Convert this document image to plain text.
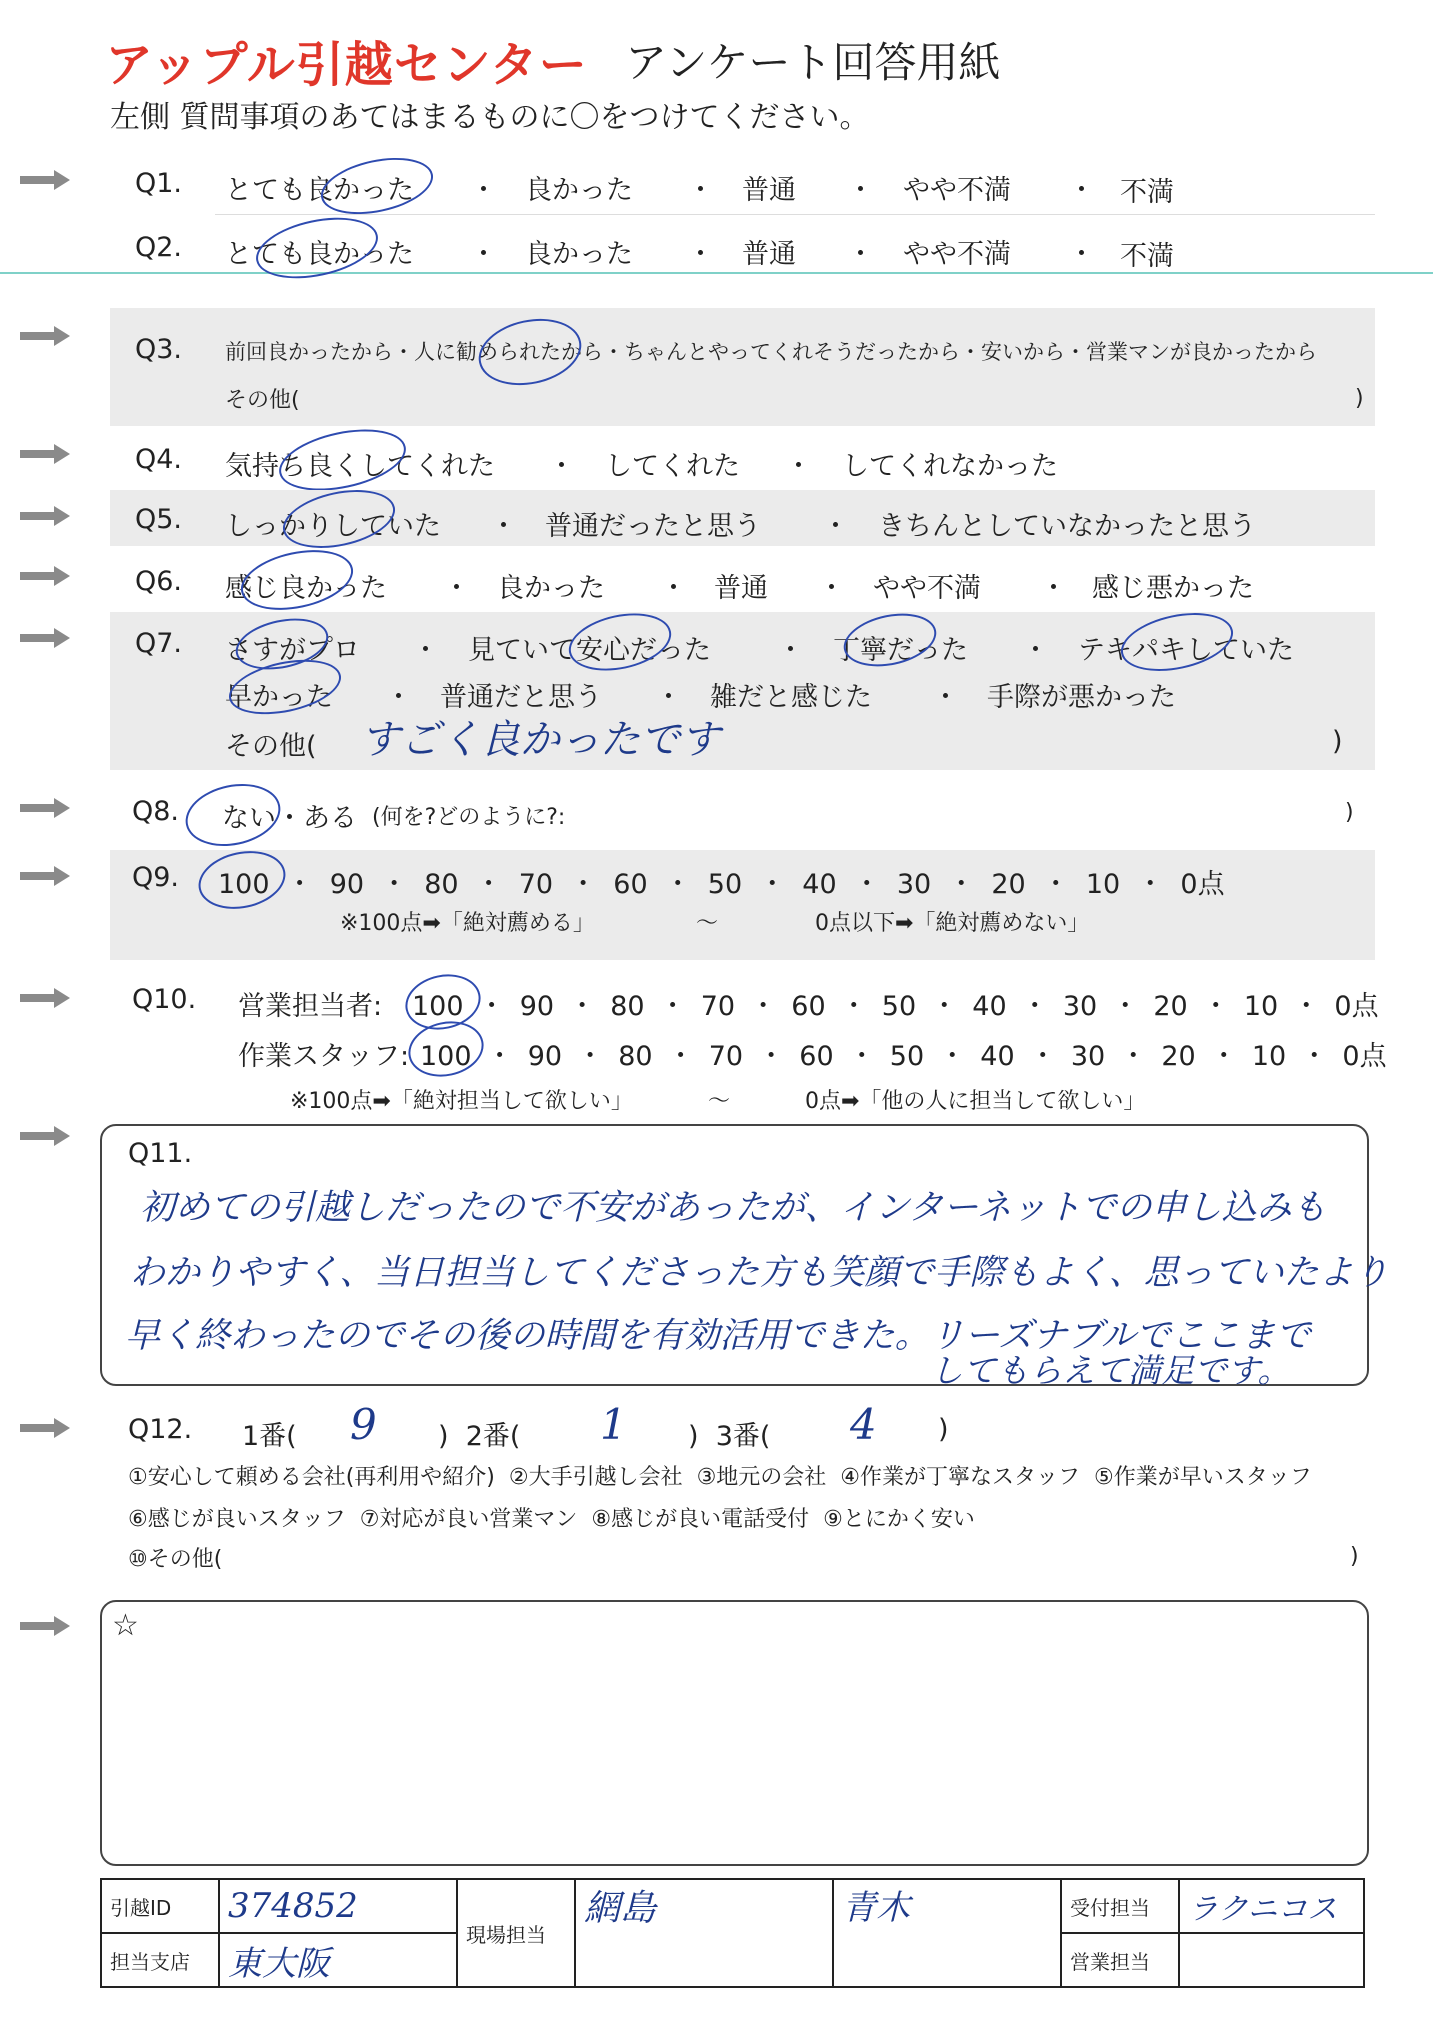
アップル引越センター アンケート回答用紙
左側 質問事項のあてはまるものに〇をつけてください。
Q1. とても良かった ・ 良かった ・ 普通 ・ やや不満 ・ 不満
Q2. とても良かった ・ 良かった ・ 普通 ・ やや不満 ・ 不満
Q3. 前回良かったから・人に勧められたから・ちゃんとやってくれそうだったから・安いから・営業マンが良かったから
その他(	)
Q4. 気持ち良くしてくれた ・ してくれた ・ してくれなかった
Q5. しっかりしていた ・ 普通だったと思う ・ きちんとしていなかったと思う
Q6. 感じ良かった ・ 良かった ・ 普通 ・ やや不満 ・ 感じ悪かった
Q7. さすがプロ ・ 見ていて安心だった ・ 丁寧だった ・ テキパキしていた
早かった ・ 普通だと思う ・ 雑だと感じた ・ 手際が悪かった
その他( すごく良かったです	)
Q8. ない・ある (何を?どのように?:	)
Q9. 100 ・ 90 ・ 80 ・ 70 ・ 60 ・ 50 ・ 40 ・ 30 ・ 20 ・ 10 ・ 0点
※100点➡「絶対薦める」	〜	0点以下➡「絶対薦めない」
Q10. 営業担当者: 100 ・ 90 ・ 80 ・ 70 ・ 60 ・ 50 ・ 40 ・ 30 ・ 20 ・ 10 ・ 0点
作業スタッフ: 100 ・ 90 ・ 80 ・ 70 ・ 60 ・ 50 ・ 40 ・ 30 ・ 20 ・ 10 ・ 0点
※100点➡「絶対担当して欲しい」	〜	0点➡「他の人に担当して欲しい」
Q11.
初めての引越しだったので不安があったが、インターネットでの申し込みも
わかりやすく、当日担当してくださった方も笑顔で手際もよく、思っていたより
早く終わったのでその後の時間を有効活用できた。リーズナブルでここまで
してもらえて満足です。
Q12. 1番( 9 )  2番( 1 )  3番( 4 )
①安心して頼める会社(再利用や紹介)  ②大手引越し会社  ③地元の会社  ④作業が丁寧なスタッフ  ⑤作業が早いスタッフ
⑥感じが良いスタッフ  ⑦対応が良い営業マン  ⑧感じが良い電話受付  ⑨とにかく安い
⑩その他(	)
☆
引越ID	374852	現場担当	網島	青木	受付担当	ラクニコス
担当支店	東大阪				営業担当	
